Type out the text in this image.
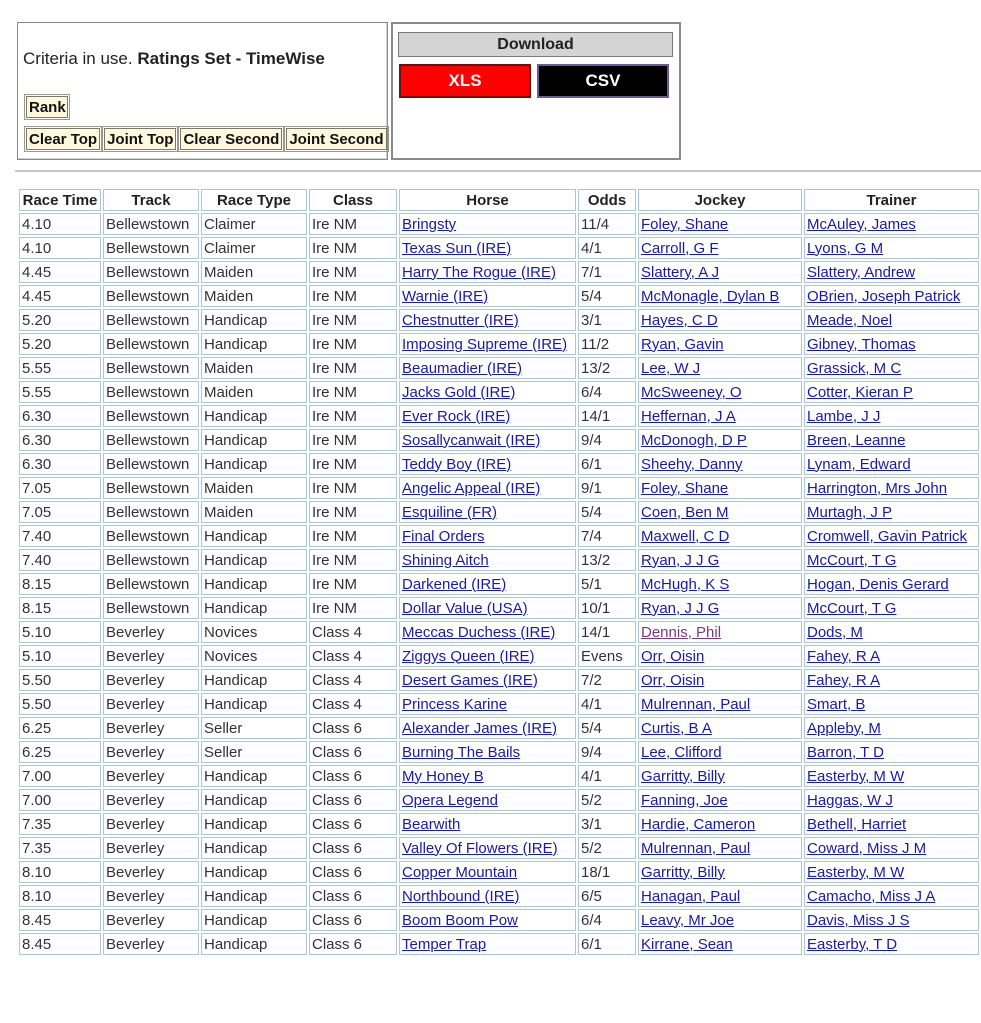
Criteria in use. Ratings Set - TimeWise
Rank
Clear Top Joint Top Clear Second Joint Second
Download
XLS	CSV
Race Time	Track	Race Type	Class	Horse	Odds	Jockey	Trainer
4.10	Bellewstown	Claimer	Ire NM	Bringsty	11/4	Foley, Shane	McAuley, James
4.10	Bellewstown	Claimer	Ire NM	Texas Sun (IRE)	4/1	Carroll, G F	Lyons, G M
4.45	Bellewstown	Maiden	Ire NM	Harry The Rogue (IRE)	7/1	Slattery, A J	Slattery, Andrew
4.45	Bellewstown	Maiden	Ire NM	Warnie (IRE)	5/4	McMonagle, Dylan B	OBrien, Joseph Patrick
5.20	Bellewstown	Handicap	Ire NM	Chestnutter (IRE)	3/1	Hayes, C D	Meade, Noel
5.20	Bellewstown	Handicap	Ire NM	Imposing Supreme (IRE)	11/2	Ryan, Gavin	Gibney, Thomas
5.55	Bellewstown	Maiden	Ire NM	Beaumadier (IRE)	13/2	Lee, W J	Grassick, M C
5.55	Bellewstown	Maiden	Ire NM	Jacks Gold (IRE)	6/4	McSweeney, O	Cotter, Kieran P
6.30	Bellewstown	Handicap	Ire NM	Ever Rock (IRE)	14/1	Heffernan, J A	Lambe, J J
6.30	Bellewstown	Handicap	Ire NM	Sosallycanwait (IRE)	9/4	McDonogh, D P	Breen, Leanne
6.30	Bellewstown	Handicap	Ire NM	Teddy Boy (IRE)	6/1	Sheehy, Danny	Lynam, Edward
7.05	Bellewstown	Maiden	Ire NM	Angelic Appeal (IRE)	9/1	Foley, Shane	Harrington, Mrs John
7.05	Bellewstown	Maiden	Ire NM	Esquiline (FR)	5/4	Coen, Ben M	Murtagh, J P
7.40	Bellewstown	Handicap	Ire NM	Final Orders	7/4	Maxwell, C D	Cromwell, Gavin Patrick
7.40	Bellewstown	Handicap	Ire NM	Shining Aitch	13/2	Ryan, J J G	McCourt, T G
8.15	Bellewstown	Handicap	Ire NM	Darkened (IRE)	5/1	McHugh, K S	Hogan, Denis Gerard
8.15	Bellewstown	Handicap	Ire NM	Dollar Value (USA)	10/1	Ryan, J J G	McCourt, T G
5.10	Beverley	Novices	Class 4	Meccas Duchess (IRE)	14/1	Dennis, Phil	Dods, M
5.10	Beverley	Novices	Class 4	Ziggys Queen (IRE)	Evens	Orr, Oisin	Fahey, R A
5.50	Beverley	Handicap	Class 4	Desert Games (IRE)	7/2	Orr, Oisin	Fahey, R A
5.50	Beverley	Handicap	Class 4	Princess Karine	4/1	Mulrennan, Paul	Smart, B
6.25	Beverley	Seller	Class 6	Alexander James (IRE)	5/4	Curtis, B A	Appleby, M
6.25	Beverley	Seller	Class 6	Burning The Bails	9/4	Lee, Clifford	Barron, T D
7.00	Beverley	Handicap	Class 6	My Honey B	4/1	Garritty, Billy	Easterby, M W
7.00	Beverley	Handicap	Class 6	Opera Legend	5/2	Fanning, Joe	Haggas, W J
7.35	Beverley	Handicap	Class 6	Bearwith	3/1	Hardie, Cameron	Bethell, Harriet
7.35	Beverley	Handicap	Class 6	Valley Of Flowers (IRE)	5/2	Mulrennan, Paul	Coward, Miss J M
8.10	Beverley	Handicap	Class 6	Copper Mountain	18/1	Garritty, Billy	Easterby, M W
8.10	Beverley	Handicap	Class 6	Northbound (IRE)	6/5	Hanagan, Paul	Camacho, Miss J A
8.45	Beverley	Handicap	Class 6	Boom Boom Pow	6/4	Leavy, Mr Joe	Davis, Miss J S
8.45	Beverley	Handicap	Class 6	Temper Trap	6/1	Kirrane, Sean	Easterby, T D
